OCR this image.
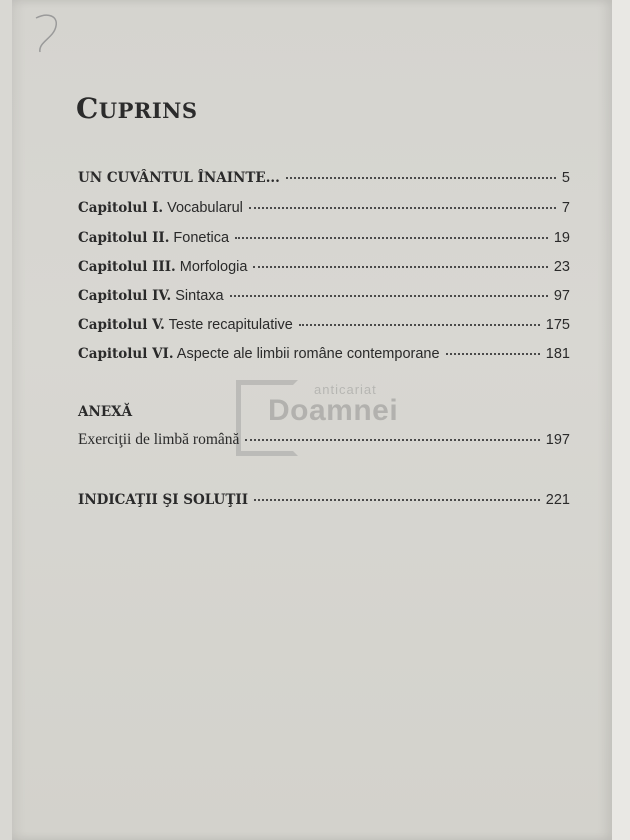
CUPRINS
UN CUVÂNTUL ÎNAINTE...	5
Capitolul I. Vocabularul	7
Capitolul II. Fonetica	19
Capitolul III. Morfologia	23
Capitolul IV. Sintaxa	97
Capitolul V. Teste recapitulative	175
Capitolul VI. Aspecte ale limbii române contemporane	181
anticariat
Doamnei
ANEXĂ
Exerciţii de limbă română	197
INDICAŢII ŞI SOLUŢII	221
